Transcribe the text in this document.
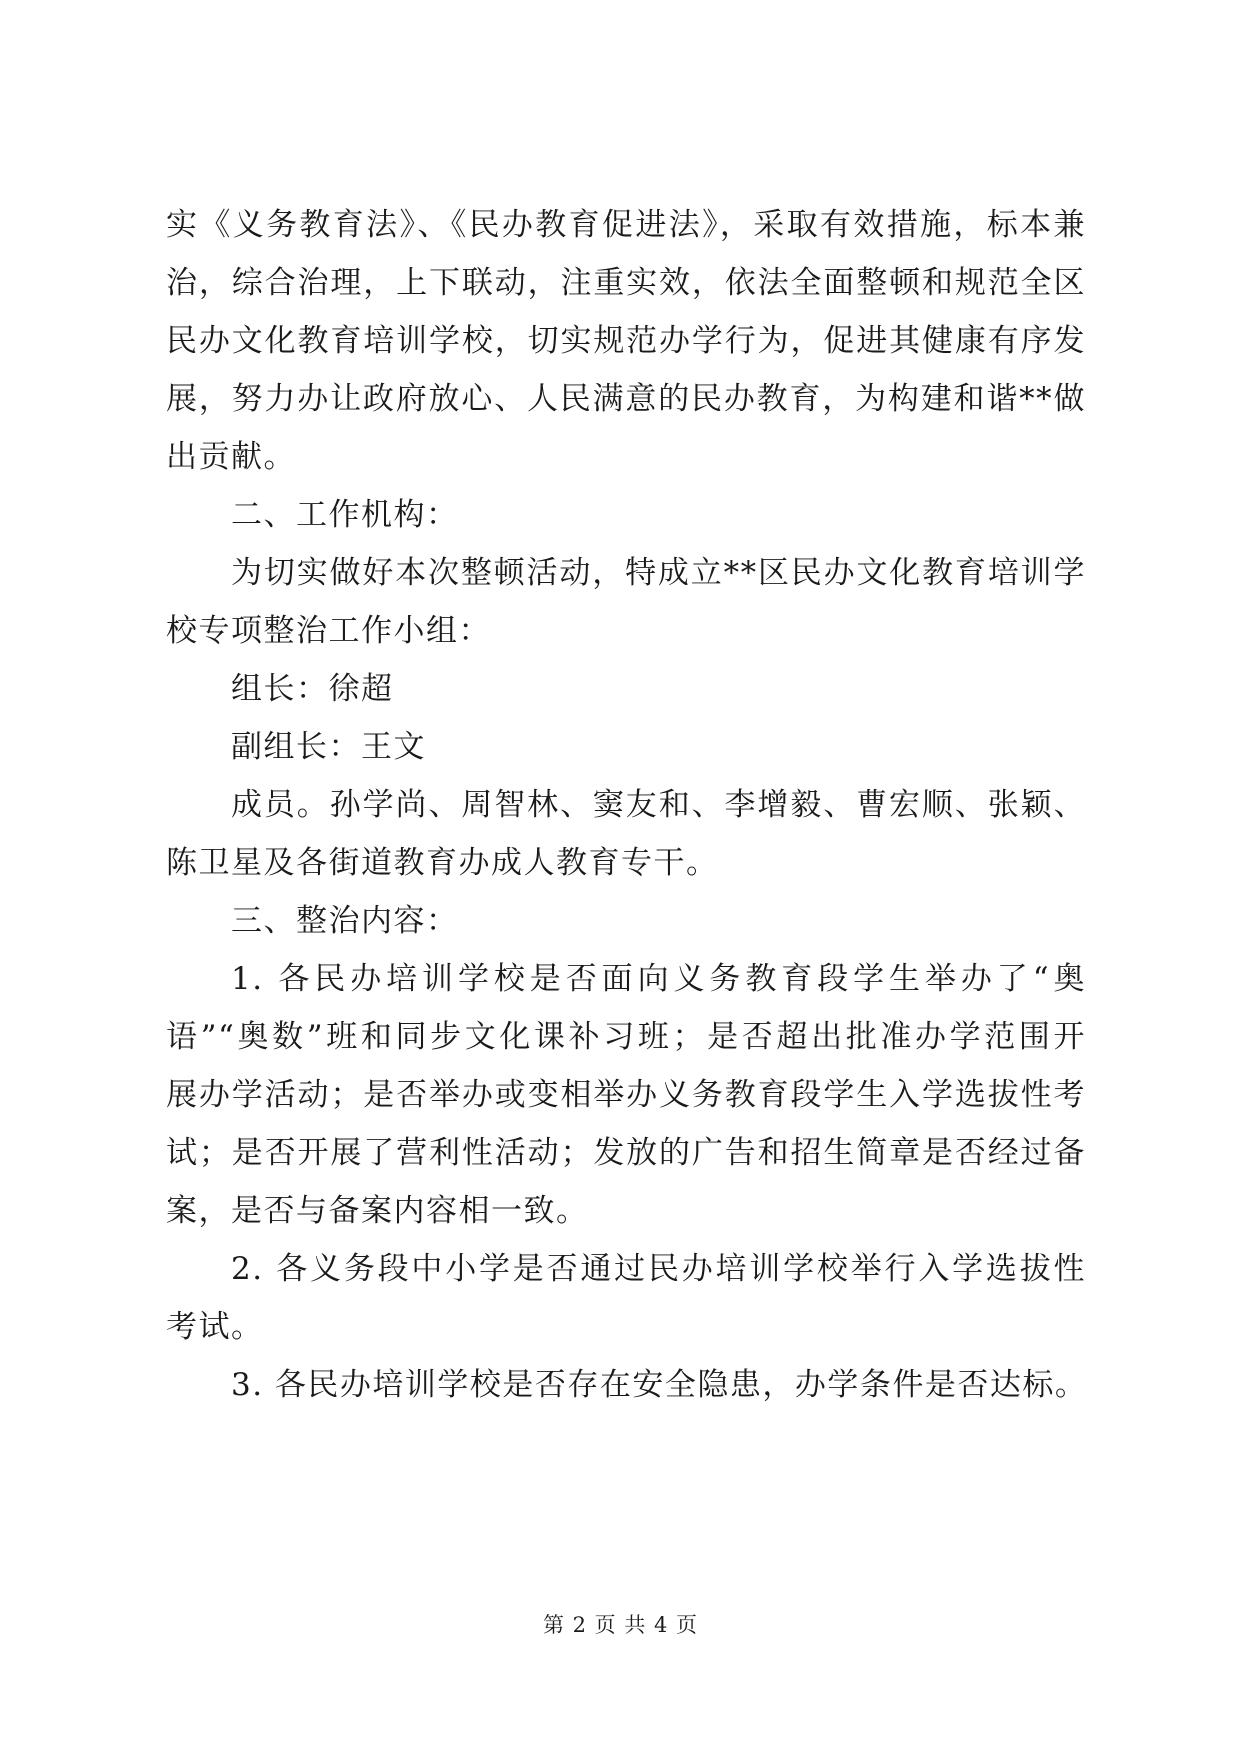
实《义务教育法》、《民办教育促进法》，采取有效措施，标本兼
治，综合治理，上下联动，注重实效，依法全面整顿和规范全区
民办文化教育培训学校，切实规范办学行为，促进其健康有序发
展，努力办让政府放心、人民满意的民办教育，为构建和谐**做
出贡献。
二、工作机构：
为切实做好本次整顿活动，特成立**区民办文化教育培训学
校专项整治工作小组：
组长：徐超
副组长：王文
成员。孙学尚、周智林、窦友和、李增毅、曹宏顺、张颖、
陈卫星及各街道教育办成人教育专干。
三、整治内容：
1. 各民办培训学校是否面向义务教育段学生举办了“奥
语”“奥数”班和同步文化课补习班；是否超出批准办学范围开
展办学活动；是否举办或变相举办义务教育段学生入学选拔性考
试；是否开展了营利性活动；发放的广告和招生简章是否经过备
案，是否与备案内容相一致。
2. 各义务段中小学是否通过民办培训学校举行入学选拔性
考试。
3. 各民办培训学校是否存在安全隐患，办学条件是否达标。
第 2 页 共 4 页
